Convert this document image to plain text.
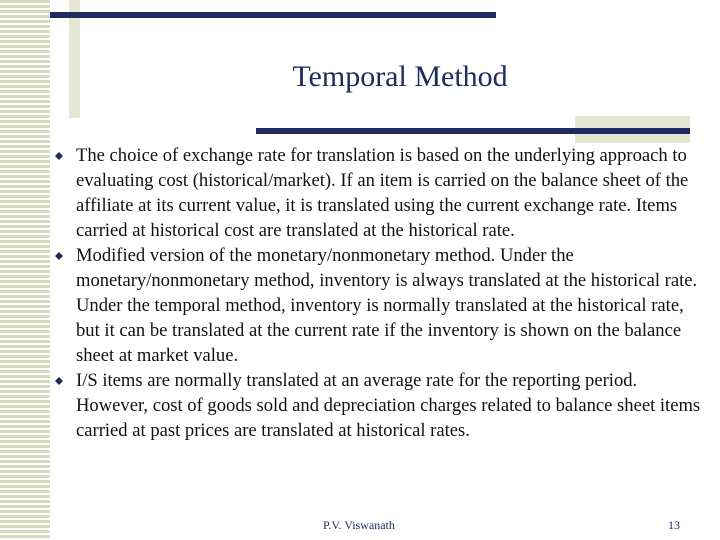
Temporal Method
The choice of exchange rate for translation is based on the underlying approach to evaluating cost (historical/market). If an item is carried on the balance sheet of the affiliate at its current value, it is translated using the current exchange rate. Items carried at historical cost are translated at the historical rate.
Modified version of the monetary/nonmonetary method. Under the monetary/nonmonetary method, inventory is always translated at the historical rate. Under the temporal method, inventory is normally translated at the historical rate, but it can be translated at the current rate if the inventory is shown on the balance sheet at market value.
I/S items are normally translated at an average rate for the reporting period. However, cost of goods sold and depreciation charges related to balance sheet items carried at past prices are translated at historical rates.
P.V. Viswanath	13
